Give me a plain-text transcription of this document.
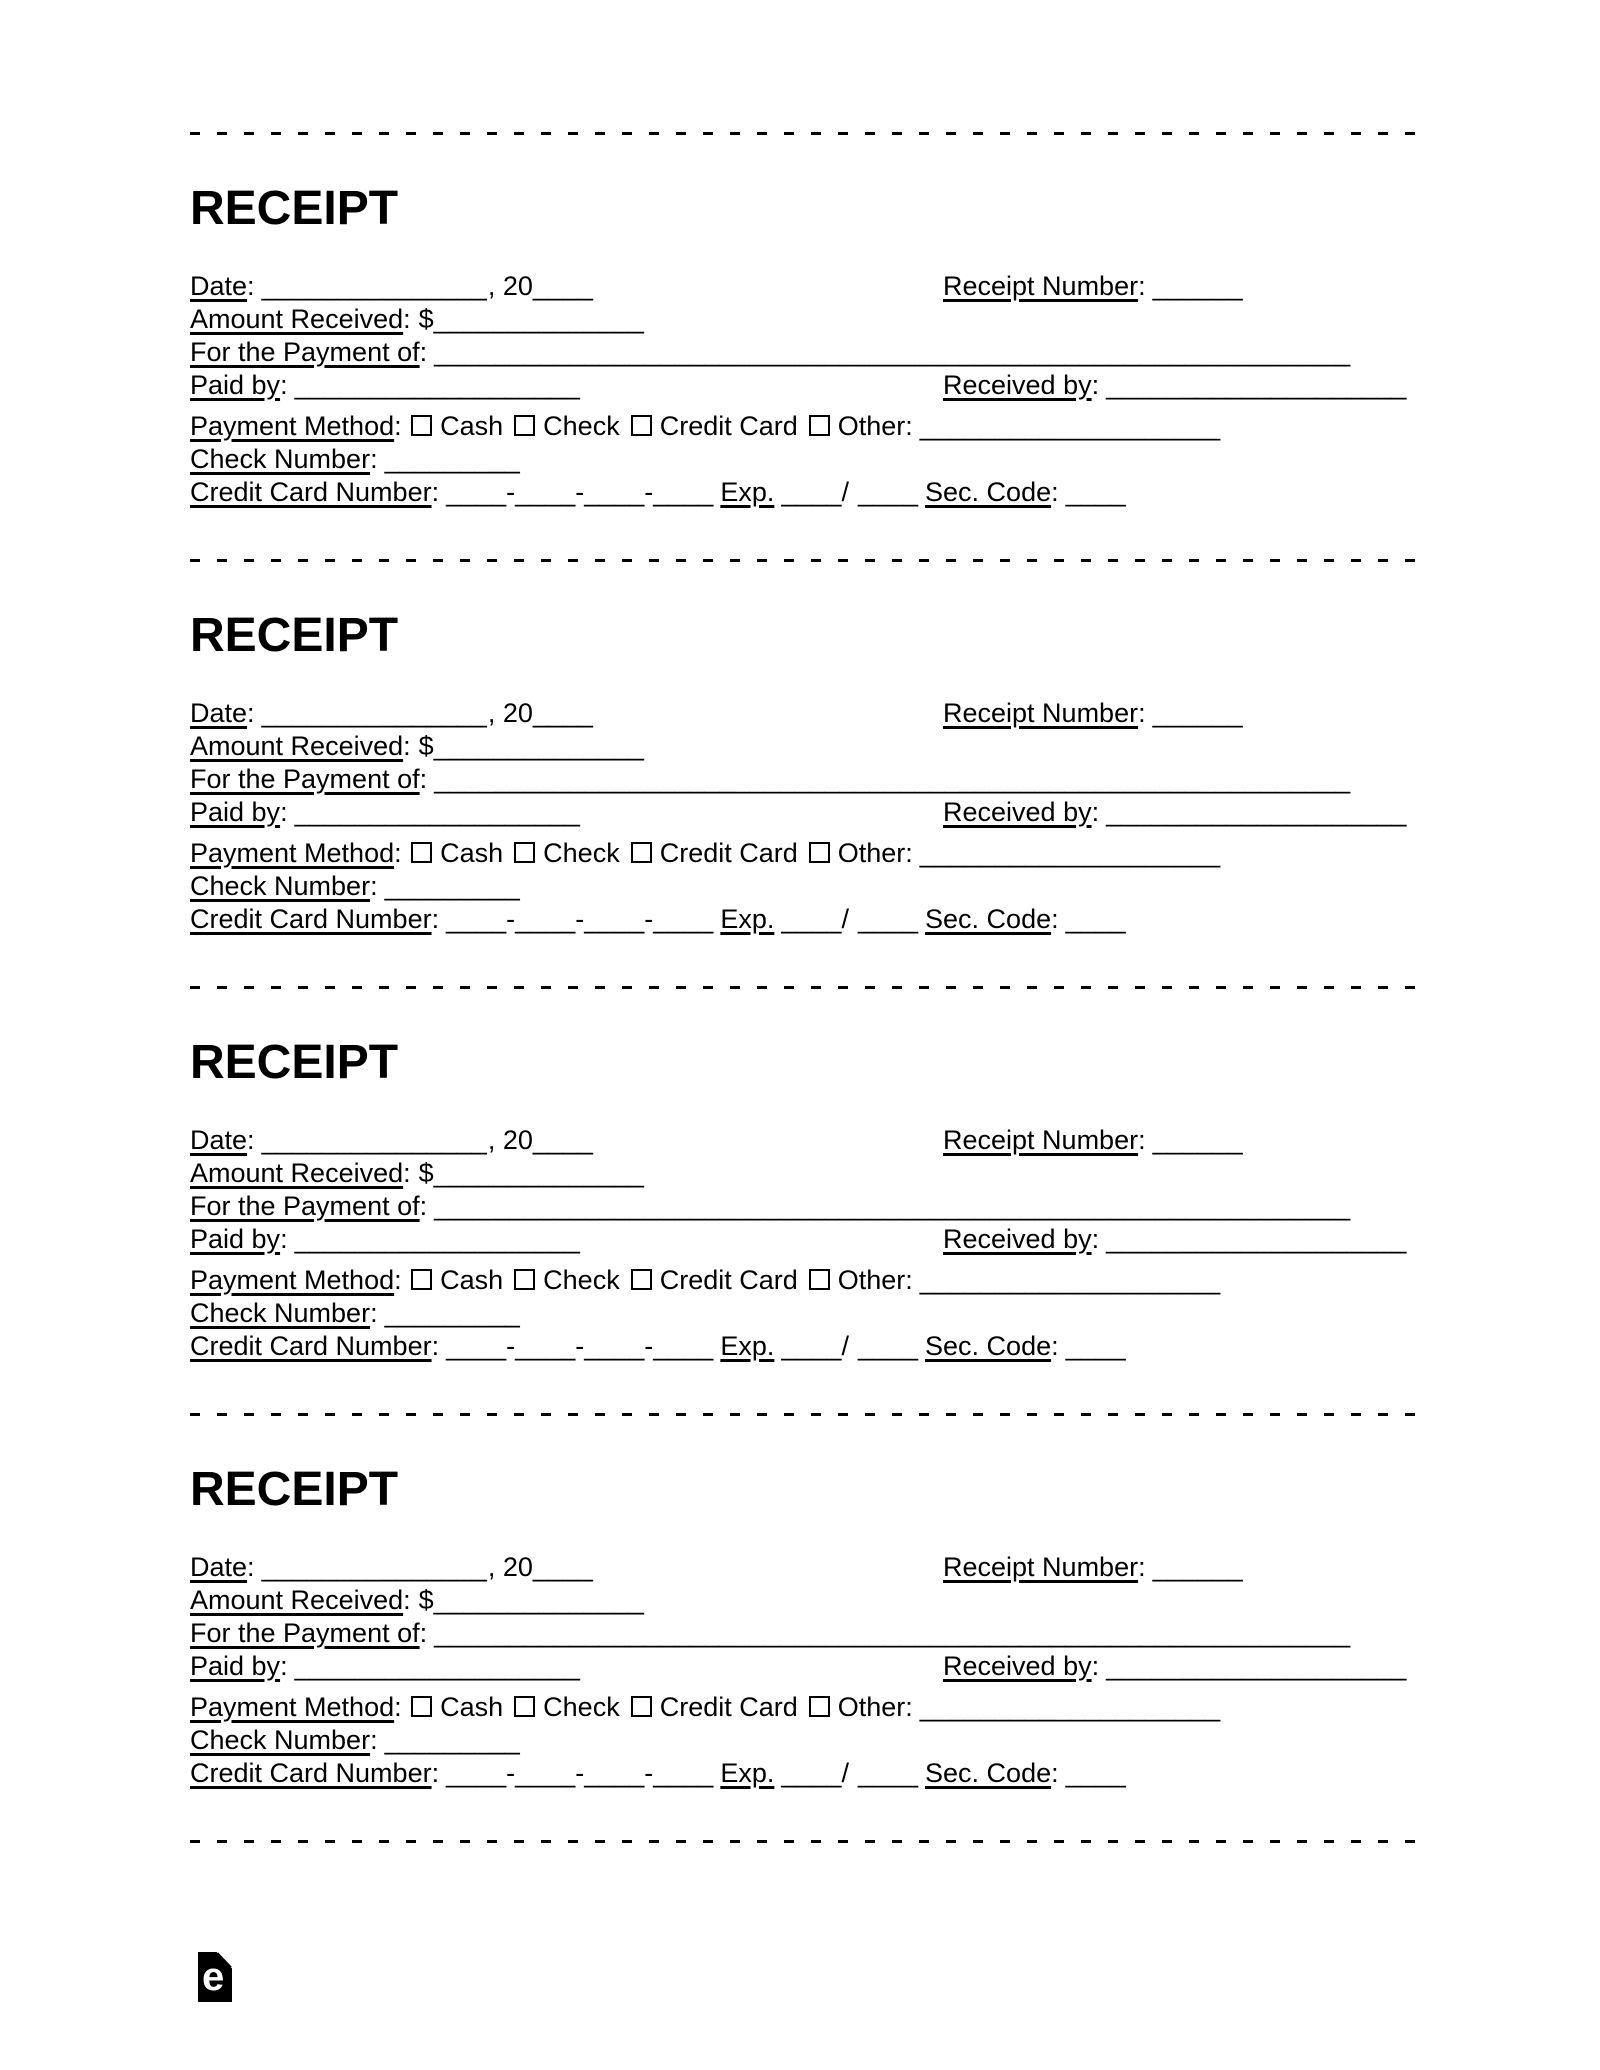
RECEIPT
Date: _______________, 20____	Receipt Number: ______
Amount Received: $______________
For the Payment of: _____________________________________________________________
Paid by: ___________________	Received by: ____________________
Payment Method: Cash Check Credit Card Other: ____________________
Check Number: _________
Credit Card Number: ____-____-____-____ Exp. ____/ ____ Sec. Code: ____
RECEIPT
Date: _______________, 20____	Receipt Number: ______
Amount Received: $______________
For the Payment of: _____________________________________________________________
Paid by: ___________________	Received by: ____________________
Payment Method: Cash Check Credit Card Other: ____________________
Check Number: _________
Credit Card Number: ____-____-____-____ Exp. ____/ ____ Sec. Code: ____
RECEIPT
Date: _______________, 20____	Receipt Number: ______
Amount Received: $______________
For the Payment of: _____________________________________________________________
Paid by: ___________________	Received by: ____________________
Payment Method: Cash Check Credit Card Other: ____________________
Check Number: _________
Credit Card Number: ____-____-____-____ Exp. ____/ ____ Sec. Code: ____
RECEIPT
Date: _______________, 20____	Receipt Number: ______
Amount Received: $______________
For the Payment of: _____________________________________________________________
Paid by: ___________________	Received by: ____________________
Payment Method: Cash Check Credit Card Other: ____________________
Check Number: _________
Credit Card Number: ____-____-____-____ Exp. ____/ ____ Sec. Code: ____
e
